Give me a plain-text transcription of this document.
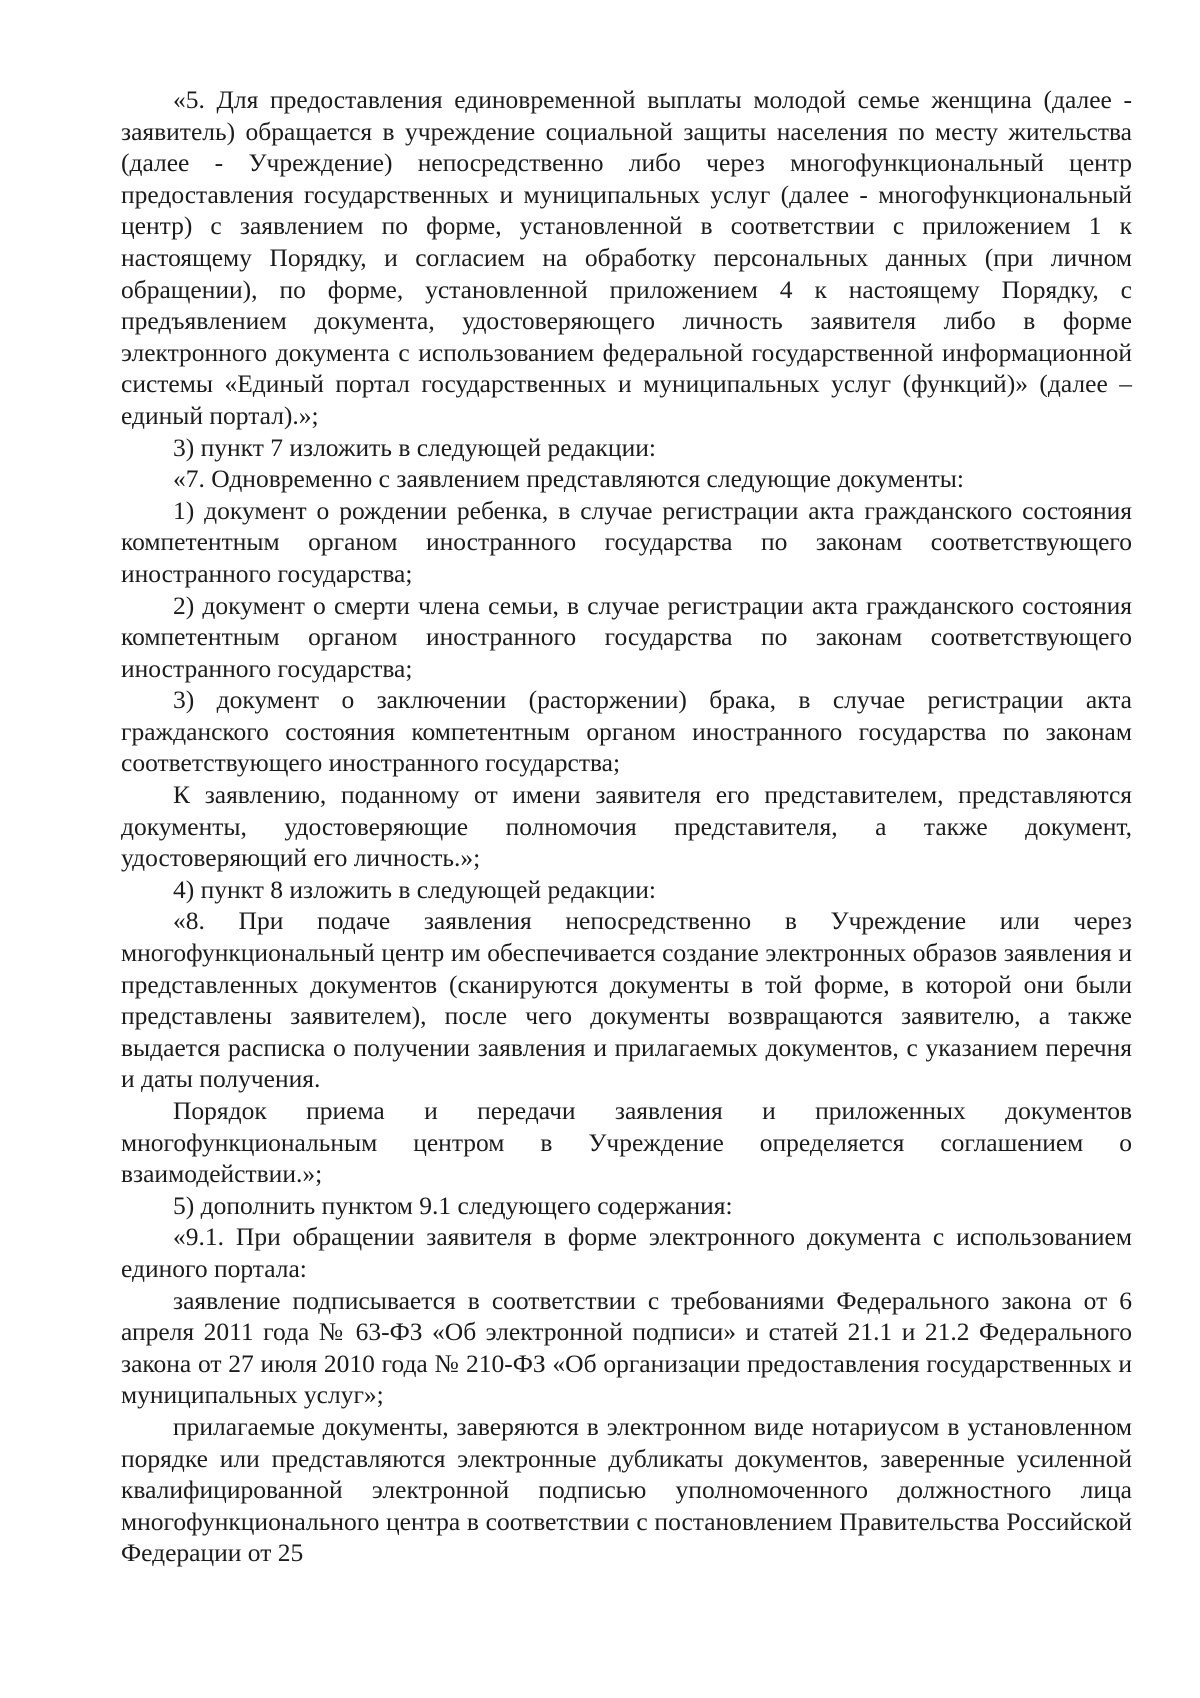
«5. Для предоставления единовременной выплаты молодой семье женщина (далее - заявитель) обращается в учреждение социальной защиты населения по месту жительства (далее - Учреждение) непосредственно либо через многофункциональный центр предоставления государственных и муниципальных услуг (далее - многофункциональный центр) с заявлением по форме, установленной в соответствии с приложением 1 к настоящему Порядку, и согласием на обработку персональных данных (при личном обращении), по форме, установленной приложением 4 к настоящему Порядку, с предъявлением документа, удостоверяющего личность заявителя либо в форме электронного документа с использованием федеральной государственной информационной системы «Единый портал государственных и муниципальных услуг (функций)» (далее – единый портал).»;

3) пункт 7 изложить в следующей редакции:

«7. Одновременно с заявлением представляются следующие документы:

1) документ о рождении ребенка, в случае регистрации акта гражданского состояния компетентным органом иностранного государства по законам соответствующего иностранного государства;

2) документ о смерти члена семьи, в случае регистрации акта гражданского состояния компетентным органом иностранного государства по законам соответствующего иностранного государства;

3) документ о заключении (расторжении) брака, в случае регистрации акта гражданского состояния компетентным органом иностранного государства по законам соответствующего иностранного государства;

К заявлению, поданному от имени заявителя его представителем, представляются документы, удостоверяющие полномочия представителя, а также документ, удостоверяющий его личность.»;

4) пункт 8 изложить в следующей редакции:

«8. При подаче заявления непосредственно в Учреждение или через многофункциональный центр им обеспечивается создание электронных образов заявления и представленных документов (сканируются документы в той форме, в которой они были представлены заявителем), после чего документы возвращаются заявителю, а также выдается расписка о получении заявления и прилагаемых документов, с указанием перечня и даты получения.

Порядок приема и передачи заявления и приложенных документов многофункциональным центром в Учреждение определяется соглашением о взаимодействии.»;

5) дополнить пунктом 9.1 следующего содержания:

«9.1. При обращении заявителя в форме электронного документа с использованием единого портала:

заявление подписывается в соответствии с требованиями Федерального закона от 6 апреля 2011 года № 63-ФЗ «Об электронной подписи» и статей 21.1 и 21.2 Федерального закона от 27 июля 2010 года № 210-ФЗ «Об организации предоставления государственных и муниципальных услуг»;

прилагаемые документы, заверяются в электронном виде нотариусом в установленном порядке или представляются электронные дубликаты документов, заверенные усиленной квалифицированной электронной подписью уполномоченного должностного лица многофункционального центра в соответствии с постановлением Правительства Российской Федерации от 25
